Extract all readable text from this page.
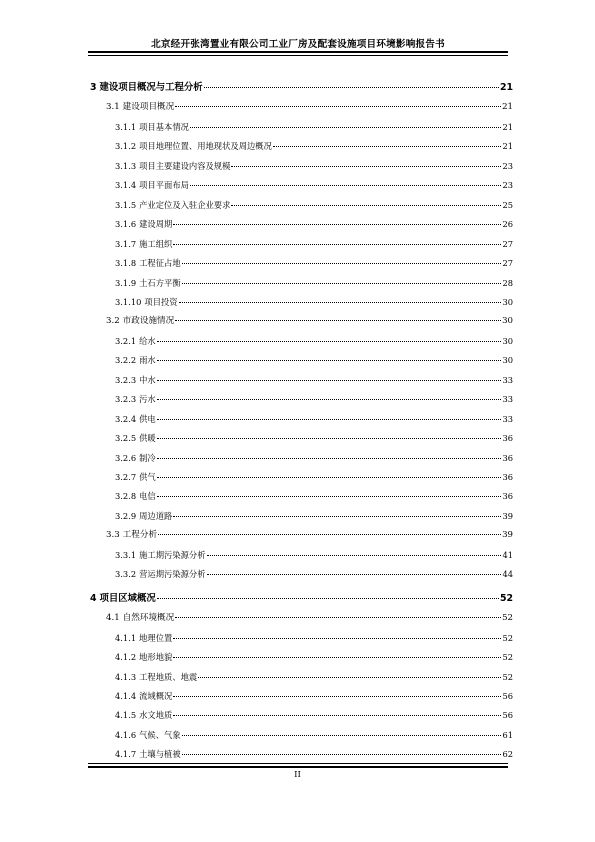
北京经开张湾置业有限公司工业厂房及配套设施项目环境影响报告书
3 建设项目概况与工程分析	21
3.1 建设项目概况	21
3.1.1 项目基本情况	21
3.1.2 项目地理位置、用地现状及周边概况	21
3.1.3 项目主要建设内容及规模	23
3.1.4 项目平面布局	23
3.1.5 产业定位及入驻企业要求	25
3.1.6 建设周期	26
3.1.7 施工组织	27
3.1.8 工程征占地	27
3.1.9 土石方平衡	28
3.1.10 项目投资	30
3.2 市政设施情况	30
3.2.1 给水	30
3.2.2 雨水	30
3.2.3 中水	33
3.2.3 污水	33
3.2.4 供电	33
3.2.5 供暖	36
3.2.6 制冷	36
3.2.7 供气	36
3.2.8 电信	36
3.2.9 周边道路	39
3.3 工程分析	39
3.3.1 施工期污染源分析	41
3.3.2 营运期污染源分析	44
4 项目区域概况	52
4.1 自然环境概况	52
4.1.1 地理位置	52
4.1.2 地形地貌	52
4.1.3 工程地质、地震	52
4.1.4 流域概况	56
4.1.5 水文地质	56
4.1.6 气候、气象	61
4.1.7 土壤与植被	62
II
